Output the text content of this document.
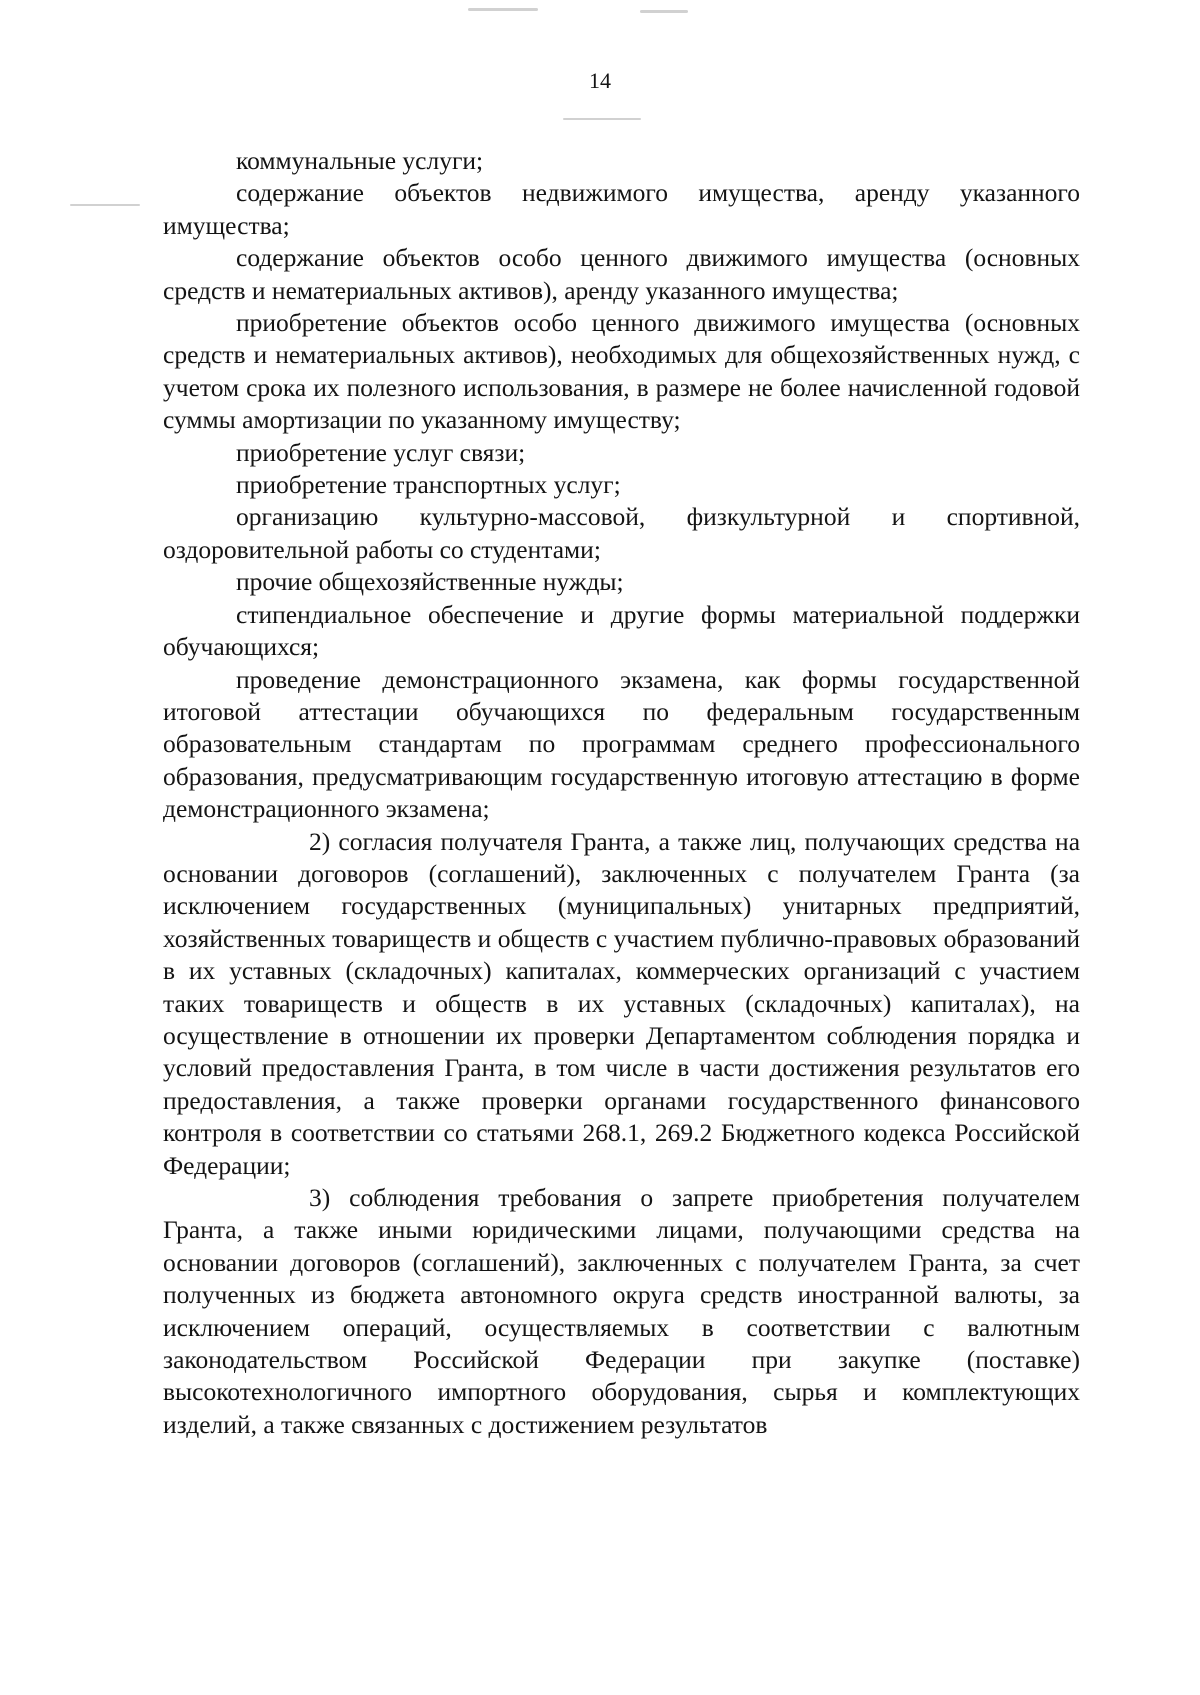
14

коммунальные услуги;

содержание объектов недвижимого имущества, аренду указанного имущества;

содержание объектов особо ценного движимого имущества (основных средств и нематериальных активов), аренду указанного имущества;

приобретение объектов особо ценного движимого имущества (основных средств и нематериальных активов), необходимых для общехозяйственных нужд, с учетом срока их полезного использования, в размере не более начисленной годовой суммы амортизации по указанному имуществу;

приобретение услуг связи;

приобретение транспортных услуг;

организацию культурно-массовой, физкультурной и спортивной, оздоровительной работы со студентами;

прочие общехозяйственные нужды;

стипендиальное обеспечение и другие формы материальной поддержки обучающихся;

проведение демонстрационного экзамена, как формы государственной итоговой аттестации обучающихся по федеральным государственным образовательным стандартам по программам среднего профессионального образования, предусматривающим государственную итоговую аттестацию в форме демонстрационного экзамена;

2) согласия получателя Гранта, а также лиц, получающих средства на основании договоров (соглашений), заключенных с получателем Гранта (за исключением государственных (муниципальных) унитарных предприятий, хозяйственных товариществ и обществ с участием публично-правовых образований в их уставных (складочных) капиталах, коммерческих организаций с участием таких товариществ и обществ в их уставных (складочных) капиталах), на осуществление в отношении их проверки Департаментом соблюдения порядка и условий предоставления Гранта, в том числе в части достижения результатов его предоставления, а также проверки органами государственного финансового контроля в соответствии со статьями 268.1, 269.2 Бюджетного кодекса Российской Федерации;

3) соблюдения требования о запрете приобретения получателем Гранта, а также иными юридическими лицами, получающими средства на основании договоров (соглашений), заключенных с получателем Гранта, за счет полученных из бюджета автономного округа средств иностранной валюты, за исключением операций, осуществляемых в соответствии с валютным законодательством Российской Федерации при закупке (поставке) высокотехнологичного импортного оборудования, сырья и комплектующих изделий, а также связанных с достижением результатов
